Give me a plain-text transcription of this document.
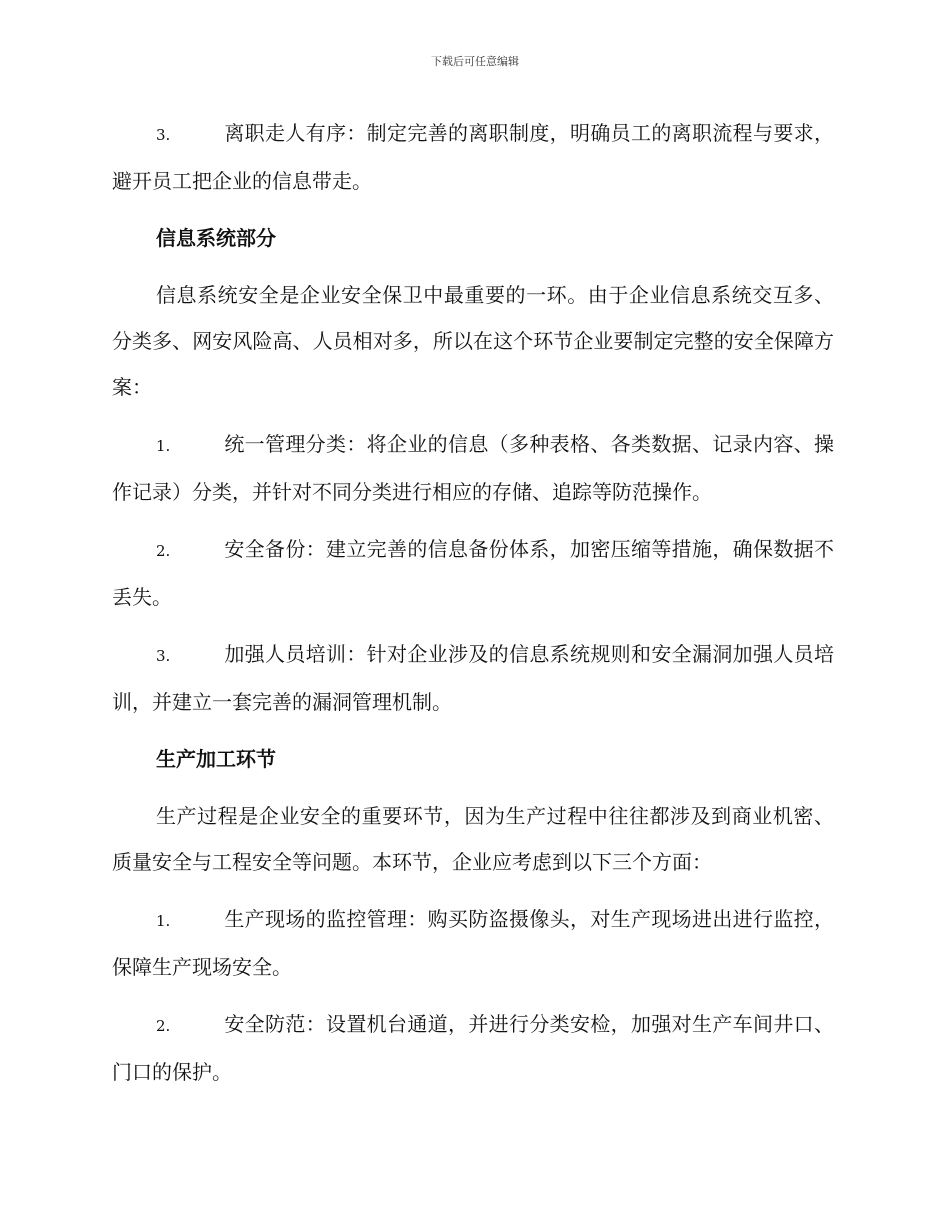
下载后可任意编辑

3.	离职走人有序：制定完善的离职制度，明确员工的离职流程与要求，避开员工把企业的信息带走。

信息系统部分

信息系统安全是企业安全保卫中最重要的一环。由于企业信息系统交互多、分类多、网安风险高、人员相对多，所以在这个环节企业要制定完整的安全保障方案：

1.	统一管理分类：将企业的信息（多种表格、各类数据、记录内容、操作记录）分类，并针对不同分类进行相应的存储、追踪等防范操作。

2.	安全备份：建立完善的信息备份体系，加密压缩等措施，确保数据不丢失。

3.	加强人员培训：针对企业涉及的信息系统规则和安全漏洞加强人员培训，并建立一套完善的漏洞管理机制。

生产加工环节

生产过程是企业安全的重要环节，因为生产过程中往往都涉及到商业机密、质量安全与工程安全等问题。本环节，企业应考虑到以下三个方面：

1.	生产现场的监控管理：购买防盗摄像头，对生产现场进出进行监控，保障生产现场安全。

2.	安全防范：设置机台通道，并进行分类安检，加强对生产车间井口、门口的保护。
